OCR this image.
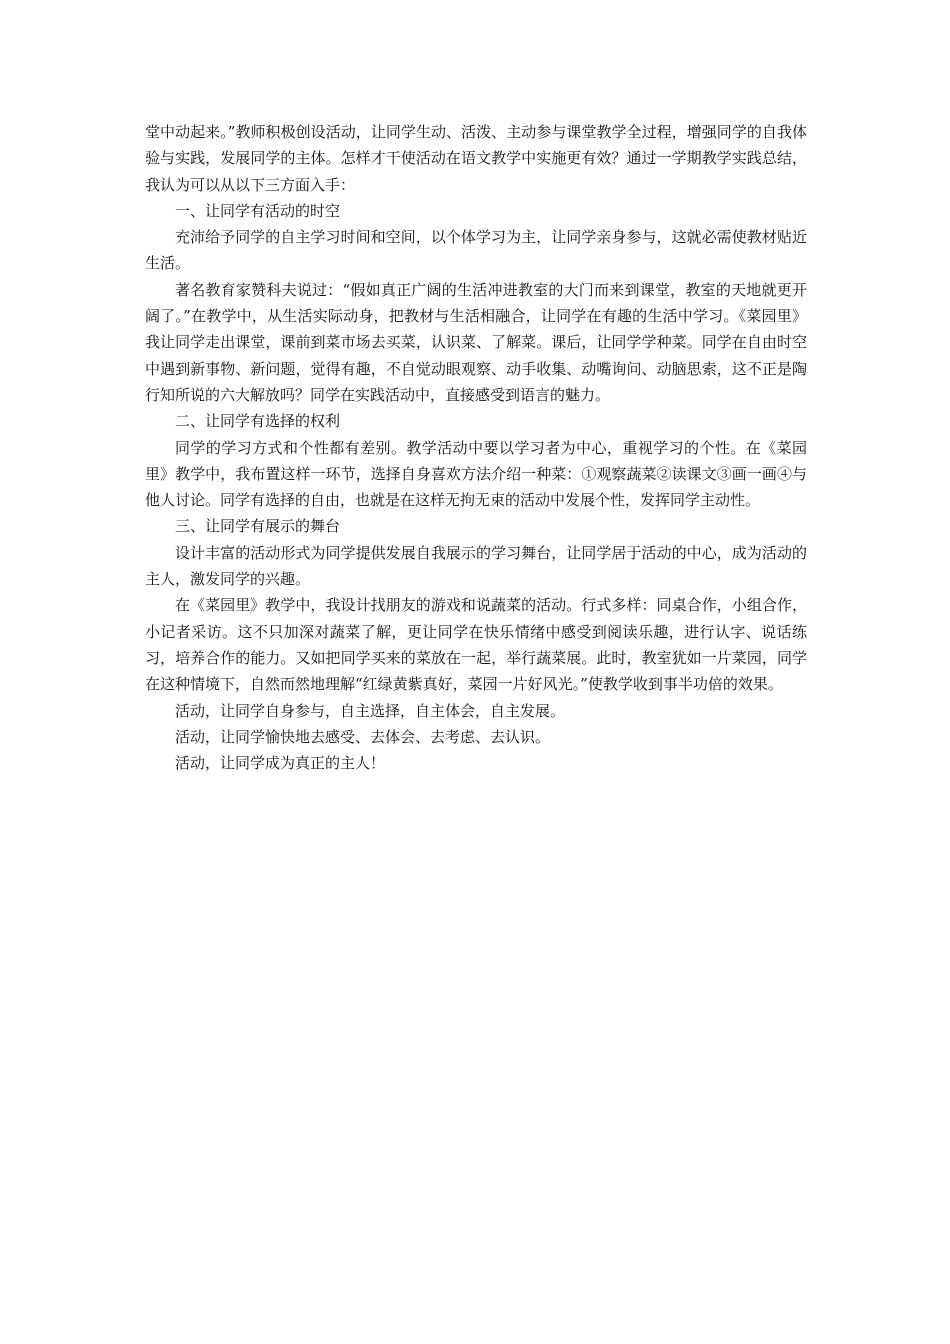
堂中动起来。”教师积极创设活动，让同学生动、活泼、主动参与课堂教学全过程，增强同学的自我体验与实践，发展同学的主体。怎样才干使活动在语文教学中实施更有效？通过一学期教学实践总结，我认为可以从以下三方面入手：

一、让同学有活动的时空

充沛给予同学的自主学习时间和空间，以个体学习为主，让同学亲身参与，这就必需使教材贴近生活。

著名教育家赞科夫说过：“假如真正广阔的生活冲进教室的大门而来到课堂，教室的天地就更开阔了。”在教学中，从生活实际动身，把教材与生活相融合，让同学在有趣的生活中学习。《菜园里》我让同学走出课堂，课前到菜市场去买菜，认识菜、了解菜。课后，让同学学种菜。同学在自由时空中遇到新事物、新问题，觉得有趣，不自觉动眼观察、动手收集、动嘴询问、动脑思索，这不正是陶行知所说的六大解放吗？同学在实践活动中，直接感受到语言的魅力。

二、让同学有选择的权利

同学的学习方式和个性都有差别。教学活动中要以学习者为中心，重视学习的个性。在《菜园里》教学中，我布置这样一环节，选择自身喜欢方法介绍一种菜：①观察蔬菜②读课文③画一画④与他人讨论。同学有选择的自由，也就是在这样无拘无束的活动中发展个性，发挥同学主动性。

三、让同学有展示的舞台

设计丰富的活动形式为同学提供发展自我展示的学习舞台，让同学居于活动的中心，成为活动的主人，激发同学的兴趣。

在《菜园里》教学中，我设计找朋友的游戏和说蔬菜的活动。行式多样：同桌合作，小组合作，小记者采访。这不只加深对蔬菜了解，更让同学在快乐情绪中感受到阅读乐趣，进行认字、说话练习，培养合作的能力。又如把同学买来的菜放在一起，举行蔬菜展。此时，教室犹如一片菜园，同学在这种情境下，自然而然地理解“红绿黄紫真好，菜园一片好风光。”使教学收到事半功倍的效果。

活动，让同学自身参与，自主选择，自主体会，自主发展。

活动，让同学愉快地去感受、去体会、去考虑、去认识。

活动，让同学成为真正的主人！
